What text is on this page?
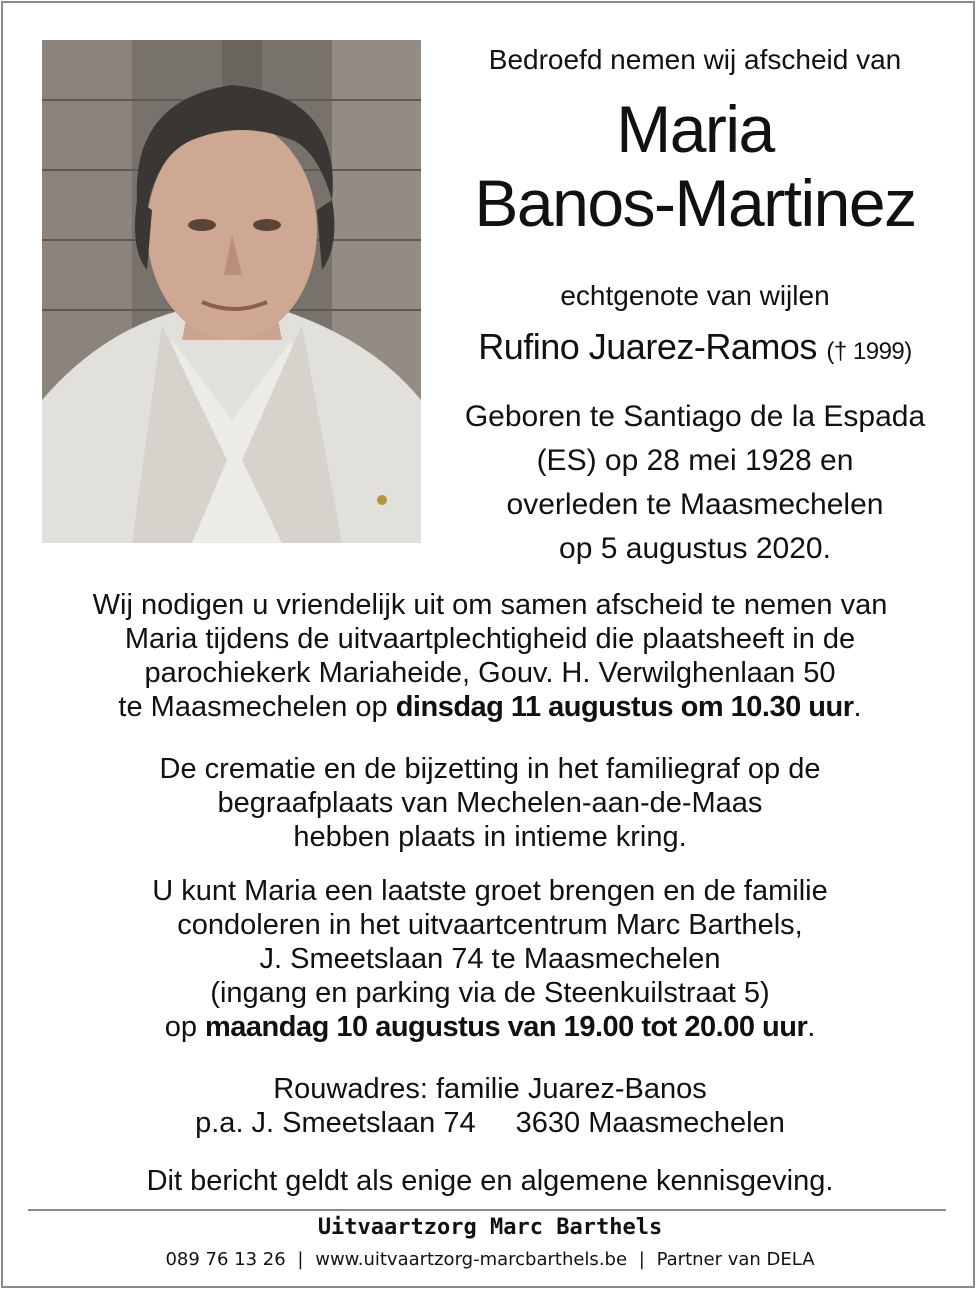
Bedroefd nemen wij afscheid van
Maria
Banos-Martinez
echtgenote van wijlen
Rufino Juarez-Ramos († 1999)
Geboren te Santiago de la Espada
(ES) op 28 mei 1928 en
overleden te Maasmechelen
op 5 augustus 2020.
Wij nodigen u vriendelijk uit om samen afscheid te nemen van
Maria tijdens de uitvaartplechtigheid die plaatsheeft in de
parochiekerk Mariaheide, Gouv. H. Verwilghenlaan 50
te Maasmechelen op dinsdag 11 augustus om 10.30 uur.
De crematie en de bijzetting in het familiegraf op de
begraafplaats van Mechelen-aan-de-Maas
hebben plaats in intieme kring.
U kunt Maria een laatste groet brengen en de familie
condoleren in het uitvaartcentrum Marc Barthels,
J. Smeetslaan 74 te Maasmechelen
(ingang en parking via de Steenkuilstraat 5)
op maandag 10 augustus van 19.00 tot 20.00 uur.
Rouwadres: familie Juarez-Banos
p.a. J. Smeetslaan 74 3630 Maasmechelen
Dit bericht geldt als enige en algemene kennisgeving.
Uitvaartzorg Marc Barthels
089 76 13 26 | www.uitvaartzorg-marcbarthels.be | Partner van DELA
